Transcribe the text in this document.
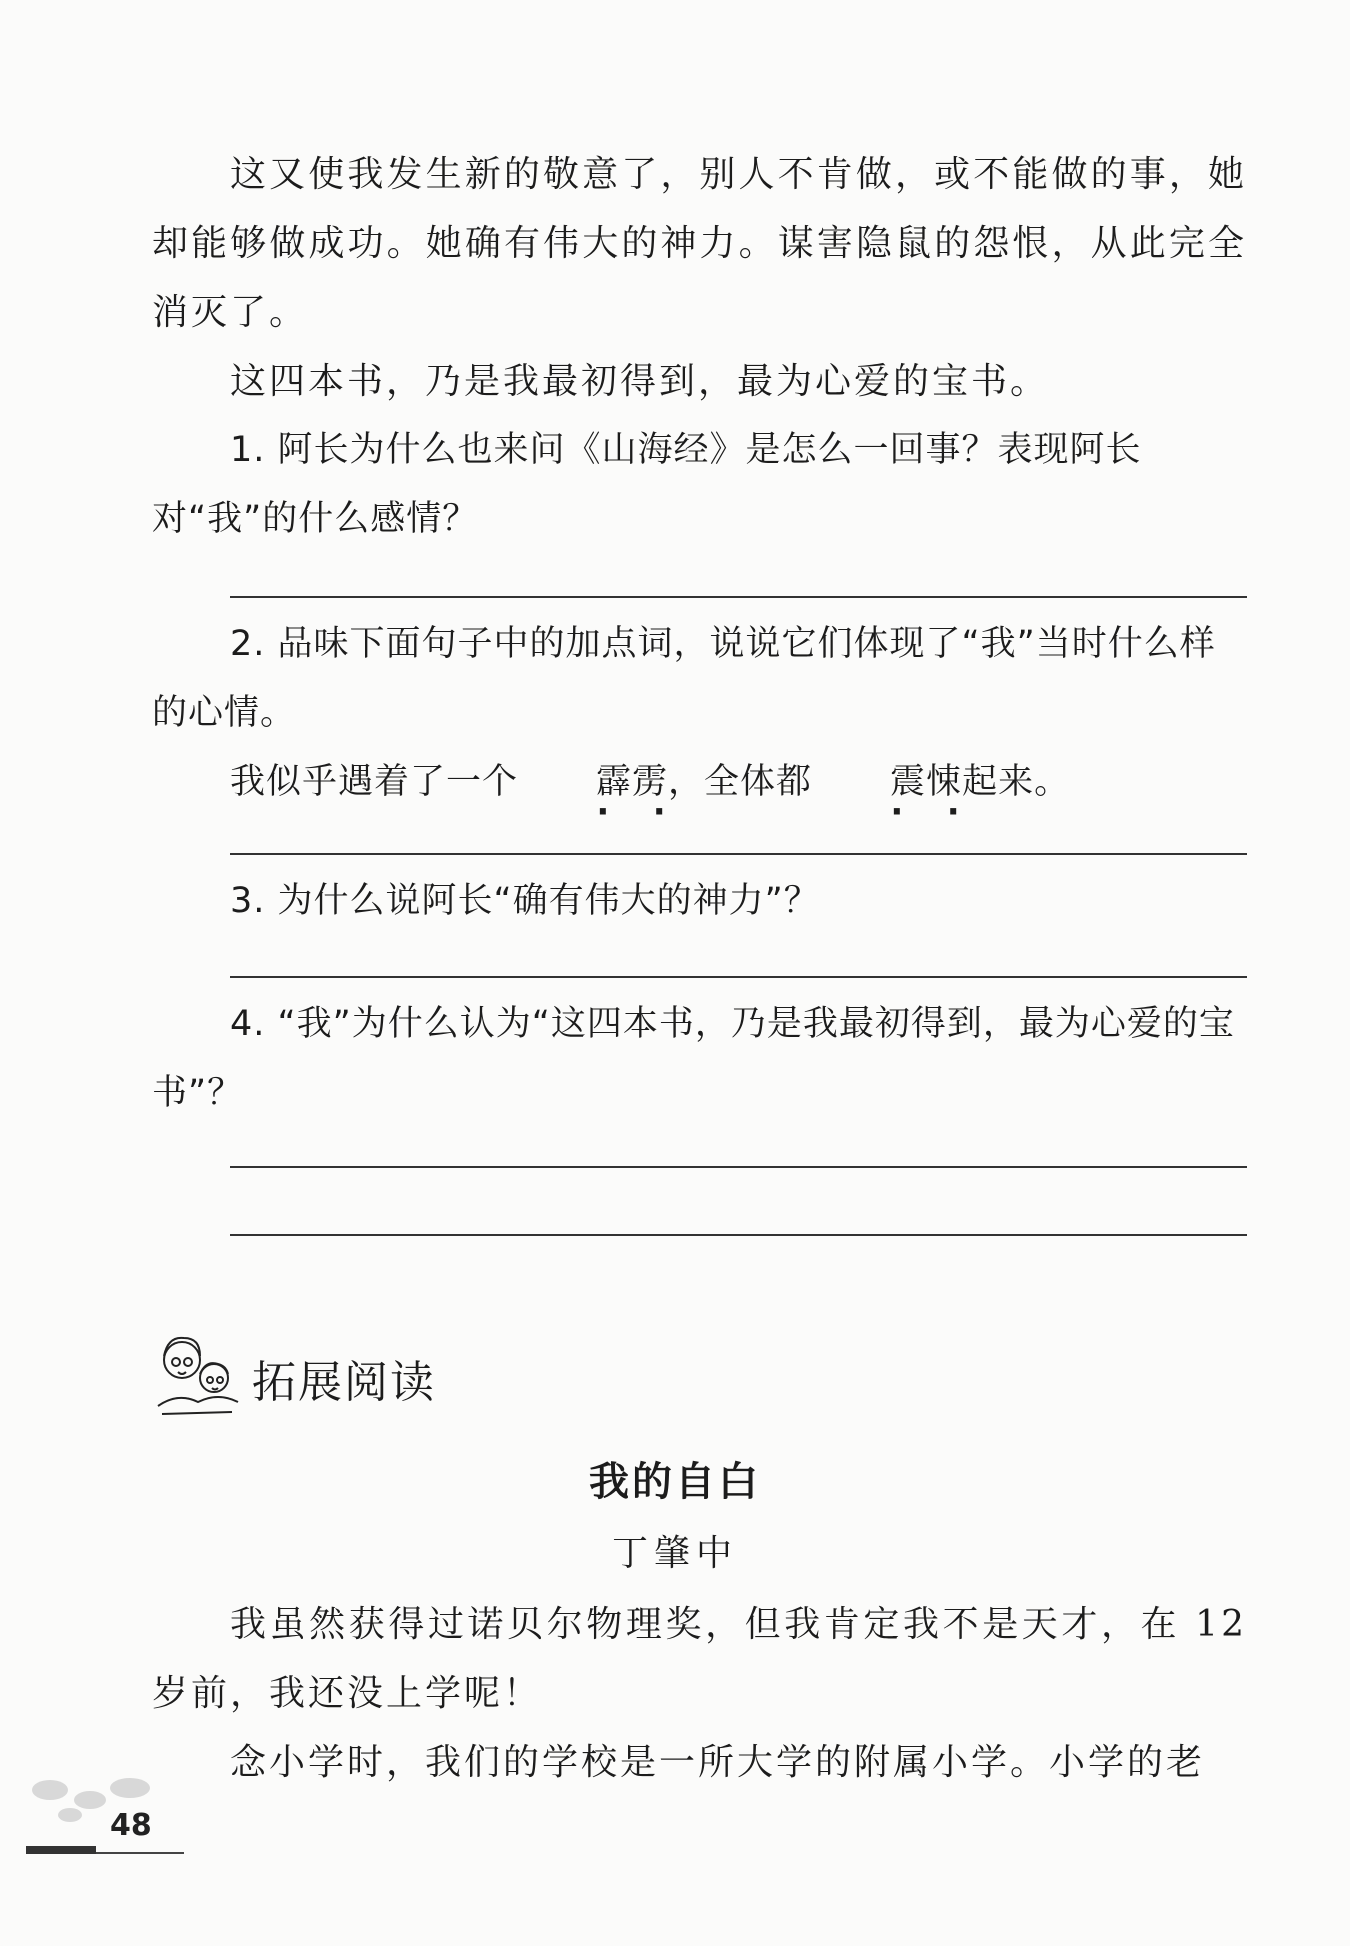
这又使我发生新的敬意了，别人不肯做，或不能做的事，她却能够做成功。她确有伟大的神力。谋害隐鼠的怨恨，从此完全消灭了。

这四本书，乃是我最初得到，最为心爱的宝书。

1. 阿长为什么也来问《山海经》是怎么一回事？表现阿长对“我”的什么感情？

2. 品味下面句子中的加点词，说说它们体现了“我”当时什么样的心情。

我似乎遇着了一个 霹雳 · ·，全体都 震悚 · ·起来。

3. 为什么说阿长“确有伟大的神力”？

4. “我”为什么认为“这四本书，乃是我最初得到，最为心爱的宝书”？

拓展阅读
我的自白
丁肇中

我虽然获得过诺贝尔物理奖，但我肯定我不是天才，在 12 岁前，我还没上学呢！

念小学时，我们的学校是一所大学的附属小学。小学的老

48
